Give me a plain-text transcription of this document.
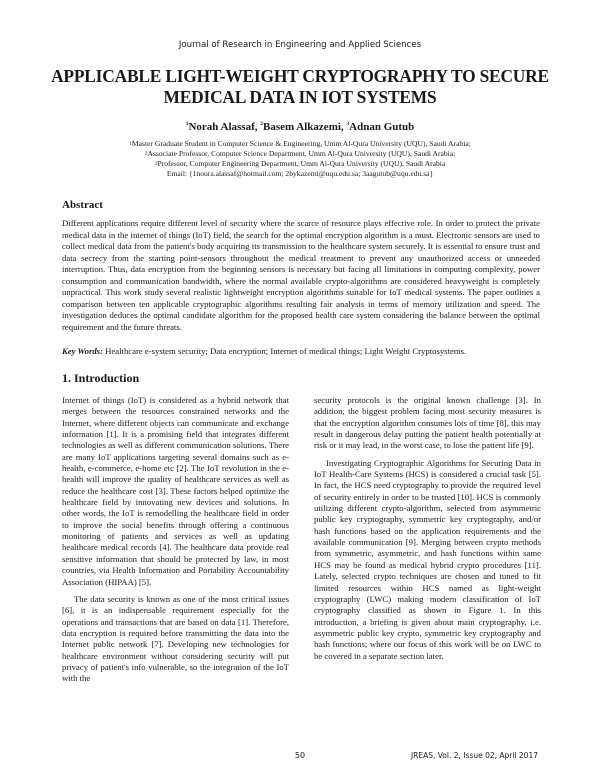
Journal of Research in Engineering and Applied Sciences
APPLICABLE LIGHT-WEIGHT CRYPTOGRAPHY TO SECURE MEDICAL DATA IN IOT SYSTEMS
$^1$Norah Alassaf, $^2$Basem Alkazemi, $^3$Adnan Gutub
$^1$Master Graduate Student in Computer Science & Engineering, Umm Al-Qura University (UQU), Saudi Arabia;
$^2$Associate Professor, Computer Science Department, Umm Al-Qura University (UQU), Saudi Arabia;
$^3$Professor, Computer Engineering Department, Umm Al-Qura University (UQU), Saudi Arabia
Email: {1noura.alassaf@hotmail.com; 2bykazemi@uqu.edu.sa; 3aagutub@uqu.edu.sa}
Abstract

Different applications require different level of security where the scarce of resource plays effective role. In order to protect the private medical data in the internet of things (IoT) field, the search for the optimal encryption algorithm is a must. Electronic sensors are used to collect medical data from the patient's body acquiring its transmission to the healthcare system securely. It is essential to ensure trust and data secrecy from the starting point-sensors throughout the medical treatment to prevent any unauthorized access or unneeded interruption. Thus, data encryption from the beginning sensors is necessary but facing all limitations in computing complexity, power consumption and communication bandwidth, where the normal available crypto-algorithms are considered heavyweight is completely unpractical. This work study several realistic lightweight encryption algorithms suitable for IoT medical systems. The paper outlines a comparison between ten applicable cryptographic algorithms resulting fair analysis in terms of memory utilization and speed. The investigation deduces the optimal candidate algorithm for the proposed health care system considering the balance between the optimal requirement and the future threats.

Key Words: Healthcare e-system security; Data encryption; Internet of medical things; Light Weight Cryptosystems.
1. Introduction

Internet of things (IoT) is considered as a hybrid network that merges between the resources constrained networks and the Internet, where different objects can communicate and exchange information [1]. It is a promising field that integrates different technologies as well as different communication solutions. There are many IoT applications targeting several domains such as e-health, e-commerce, e-home etc [2]. The IoT revolution in the e-health will improve the quality of healthcare services as well as reduce the healthcare cost [3]. These factors helped optimize the healthcare field by innovating new devices and solutions. In other words, the IoT is remodelling the healthcare field in order to improve the social benefits through offering a continuous monitoring of patients and services as well as updating healthcare medical records [4]. The healthcare data provide real sensitive information that should be protected by law, in most countries, via Health Information and Portability Accountability Association (HIPAA) [5].

The data security is known as one of the most critical issues [6], it is an indispensable requirement especially for the operations and transactions that are based on data [1]. Therefore, data encryption is required before transmitting the data into the Internet public network [7]. Developing new technologies for healthcare environment without considering security will put privacy of patient's info vulnerable, so the integration of the IoT with the

security protocols is the original known challenge [3]. In addition, the biggest problem facing most security measures is that the encryption algorithm consumes lots of time [8], this may result in dangerous delay putting the patient health potentially at risk or it may lead, in the worst case, to lose the patient life [9].

Investigating Cryptographic Algorithms for Securing Data in IoT Health-Care Systems (HCS) is considered a crucial task [5]. In fact, the HCS need cryptography to provide the required level of security entirely in order to be trusted [10]. HCS is commonly utilizing different crypto-algorithm, selected from asymmetric public key cryptography, symmetric key cryptography, and/or hash functions based on the application requirements and the available communication [9]. Merging between crypto methods from symmetric, asymmetric, and hash functions within same HCS may be found as medical hybrid crypto procedures [11]. Lately, selected crypto techniques are chosen and tuned to fit limited resources within HCS named as light-weight cryptography (LWC) making modern classification of IoT cryptography classified as shown in Figure 1. In this introduction, a briefing is given about main cryptography, i.e. asymmetric public key crypto, symmetric key cryptography and hash functions; where our focus of this work will be on LWC to be covered in a separate section later.

50	JREAS, Vol. 2, Issue 02, April 2017
